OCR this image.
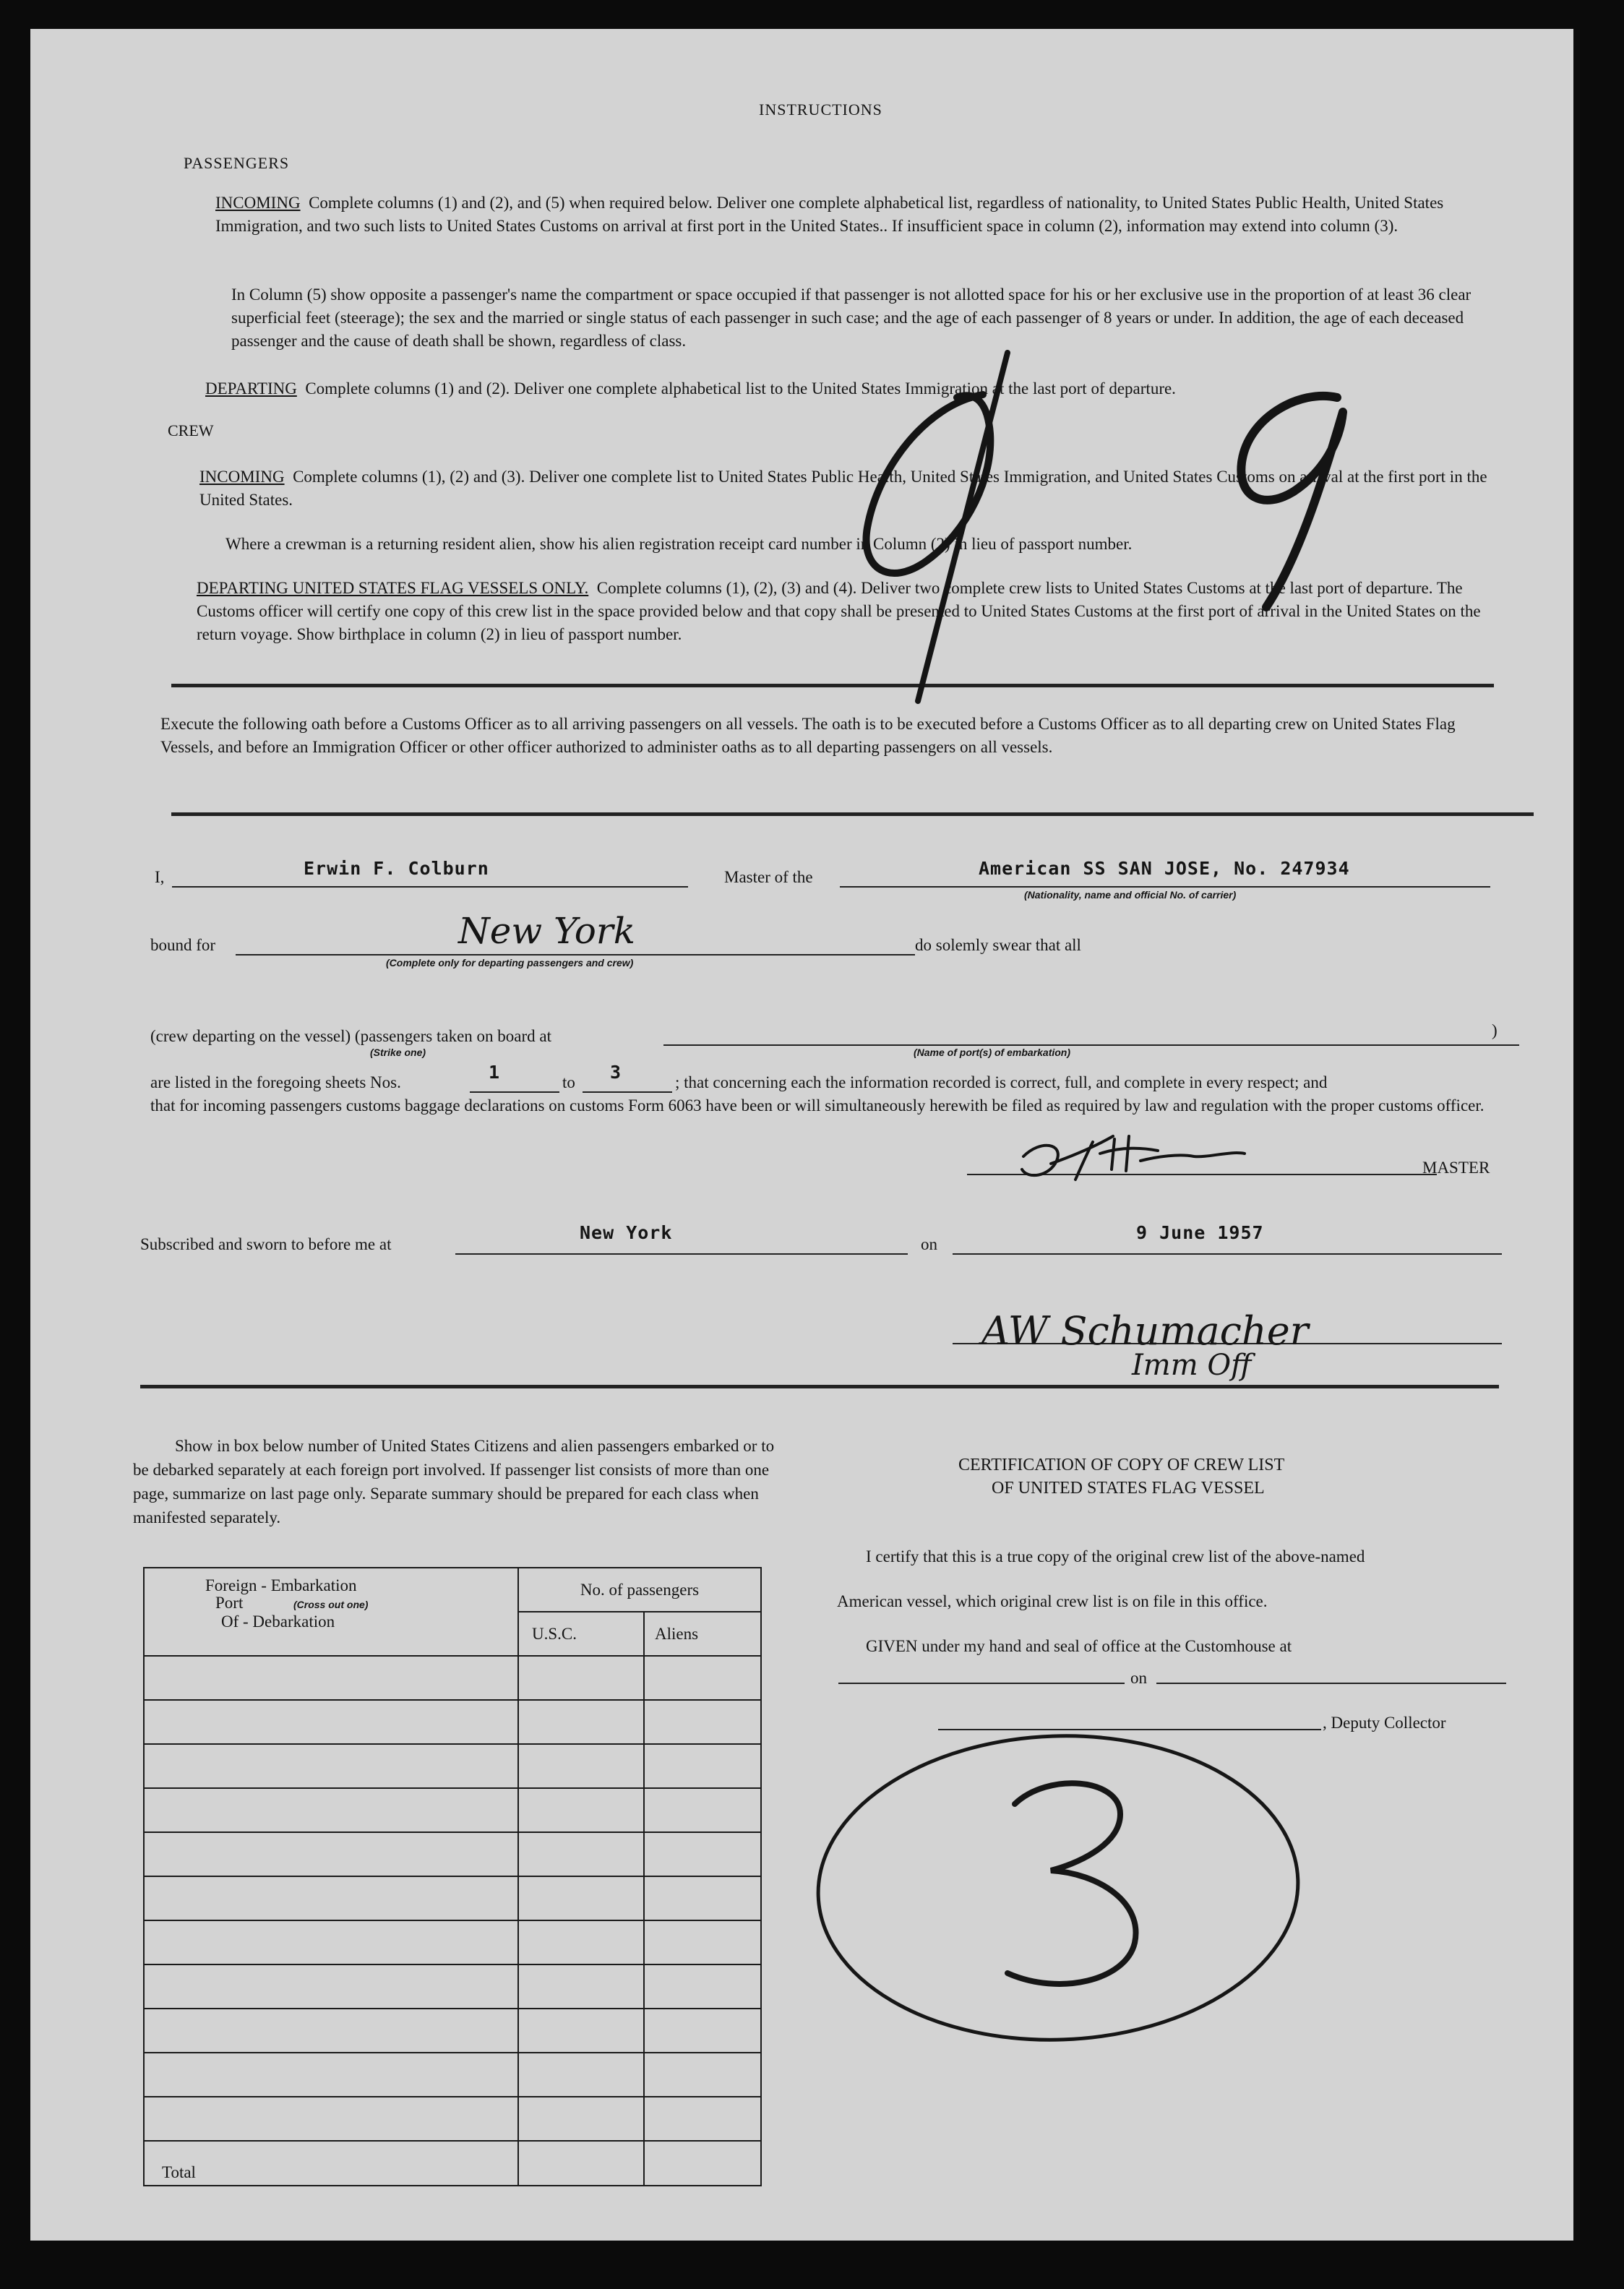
INSTRUCTIONS
PASSENGERS
INCOMING Complete columns (1) and (2), and (5) when required below. Deliver one complete alphabetical list, regardless of nationality, to United States Public Health, United States Immigration, and two such lists to United States Customs on arrival at first port in the United States.. If insufficient space in column (2), information may extend into column (3).
In Column (5) show opposite a passenger's name the compartment or space occupied if that passenger is not allotted space for his or her exclusive use in the proportion of at least 36 clear superficial feet (steerage); the sex and the married or single status of each passenger in such case; and the age of each passenger of 8 years or under. In addition, the age of each deceased passenger and the cause of death shall be shown, regardless of class.
DEPARTING Complete columns (1) and (2). Deliver one complete alphabetical list to the United States Immigration at the last port of departure.
CREW
INCOMING Complete columns (1), (2) and (3). Deliver one complete list to United States Public Health, United States Immigration, and United States Customs on arrival at the first port in the United States.
Where a crewman is a returning resident alien, show his alien registration receipt card number in Column (2) in lieu of passport number.
DEPARTING UNITED STATES FLAG VESSELS ONLY. Complete columns (1), (2), (3) and (4). Deliver two complete crew lists to United States Customs at the last port of departure. The Customs officer will certify one copy of this crew list in the space provided below and that copy shall be presented to United States Customs at the first port of arrival in the United States on the return voyage. Show birthplace in column (2) in lieu of passport number.
Execute the following oath before a Customs Officer as to all arriving passengers on all vessels. The oath is to be executed before a Customs Officer as to all departing crew on United States Flag Vessels, and before an Immigration Officer or other officer authorized to administer oaths as to all departing passengers on all vessels.
I,	Erwin F. Colburn	Master of the	American SS SAN JOSE, No. 247934
(Nationality, name and official No. of carrier)
bound for	New York
(Complete only for departing passengers and crew)
do solemly swear that all
(crew departing on the vessel) (passengers taken on board at
(Strike one)	(Name of port(s) of embarkation)
)
are listed in the foregoing sheets Nos.	1	to 3	; that concerning each the information recorded is correct, full, and complete in every respect; and
that for incoming passengers customs baggage declarations on customs Form 6063 have been or will simultaneously herewith be filed as required by law and regulation with the proper customs officer.
MASTER
Subscribed and sworn to before me at
New York
on
9 June 1957
AW Schumacher
Imm Off
Show in box below number of United States Citizens and alien passengers embarked or to be debarked separately at each foreign port involved. If passenger list consists of more than one page, summarize on last page only. Separate summary should be prepared for each class when manifested separately.
Foreign - Embarkation
Port (Cross out one)
Of - Debarkation	No. of passengers	
	U.S.C.	Aliens

Total		
CERTIFICATION OF COPY OF CREW LIST
OF UNITED STATES FLAG VESSEL
I certify that this is a true copy of the original crew list of the above-named
American vessel, which original crew list is on file in this office.
GIVEN under my hand and seal of office at the Customhouse at
on
, Deputy Collector
